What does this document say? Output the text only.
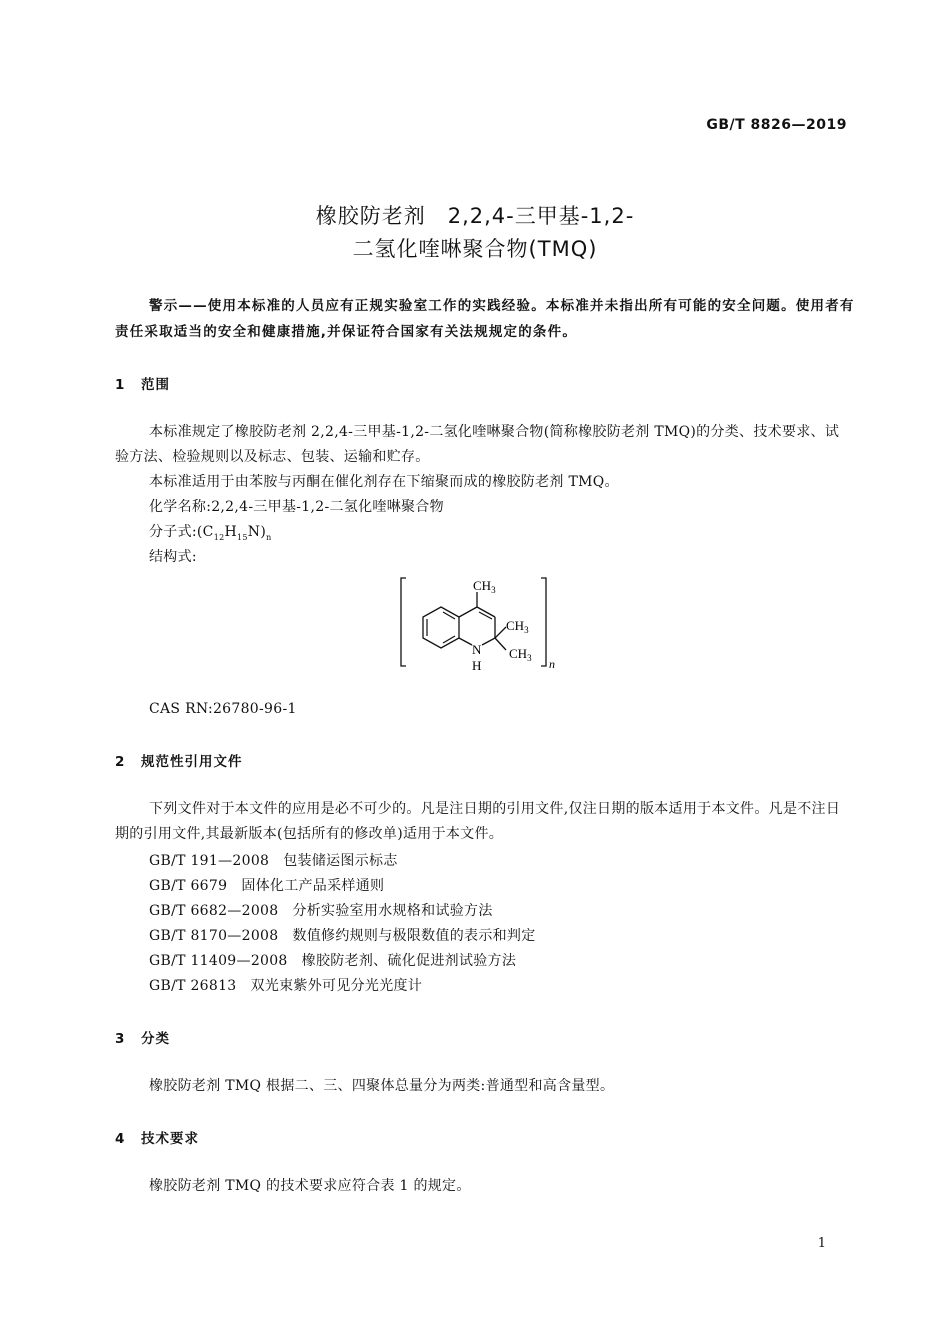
GB/T 8826—2019
橡胶防老剂　2,2,4-三甲基-1,2-
二氢化喹啉聚合物(TMQ)
警示——使用本标准的人员应有正规实验室工作的实践经验。本标准并未指出所有可能的安全问题。使用者有责任采取适当的安全和健康措施,并保证符合国家有关法规规定的条件。
1 范围
本标准规定了橡胶防老剂 2,2,4-三甲基-1,2-二氢化喹啉聚合物(简称橡胶防老剂 TMQ)的分类、技术要求、试验方法、检验规则以及标志、包装、运输和贮存。
本标准适用于由苯胺与丙酮在催化剂存在下缩聚而成的橡胶防老剂 TMQ。
化学名称:2,2,4-三甲基-1,2-二氢化喹啉聚合物
分子式$:(C_{12}H_{15}N)_n$
结构式:
$CH_3$
$CH_3$
$CH_3$
N
H	n
CAS RN:26780-96-1
2 规范性引用文件
下列文件对于本文件的应用是必不可少的。凡是注日期的引用文件,仅注日期的版本适用于本文件。凡是不注日期的引用文件,其最新版本(包括所有的修改单)适用于本文件。
GB/T 191—2008 包装储运图示标志
GB/T 6679 固体化工产品采样通则
GB/T 6682—2008 分析实验室用水规格和试验方法
GB/T 8170—2008 数值修约规则与极限数值的表示和判定
GB/T 11409—2008 橡胶防老剂、硫化促进剂试验方法
GB/T 26813 双光束紫外可见分光光度计
3 分类
橡胶防老剂 TMQ 根据二、三、四聚体总量分为两类:普通型和高含量型。
4 技术要求
橡胶防老剂 TMQ 的技术要求应符合表 1 的规定。
1
